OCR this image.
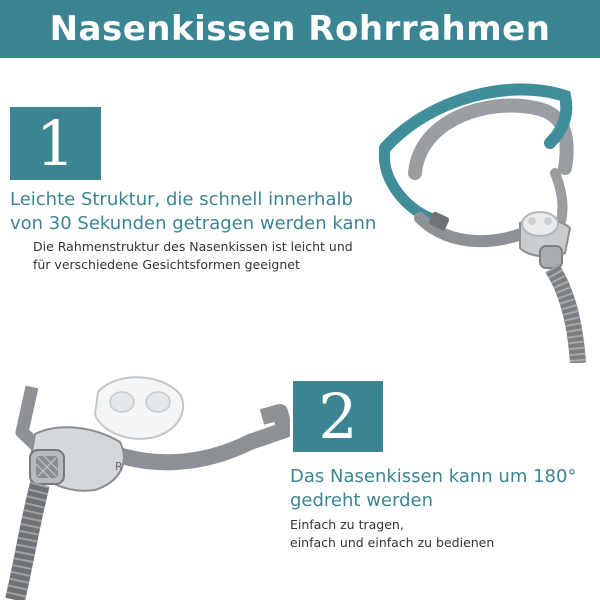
Nasenkissen Rohrrahmen
1
Leichte Struktur, die schnell innerhalb
von 30 Sekunden getragen werden kann
Die Rahmenstruktur des Nasenkissen ist leicht und
für verschiedene Gesichtsformen geeignet
R
2
Das Nasenkissen kann um 180°
gedreht werden
Einfach zu tragen,
einfach und einfach zu bedienen
